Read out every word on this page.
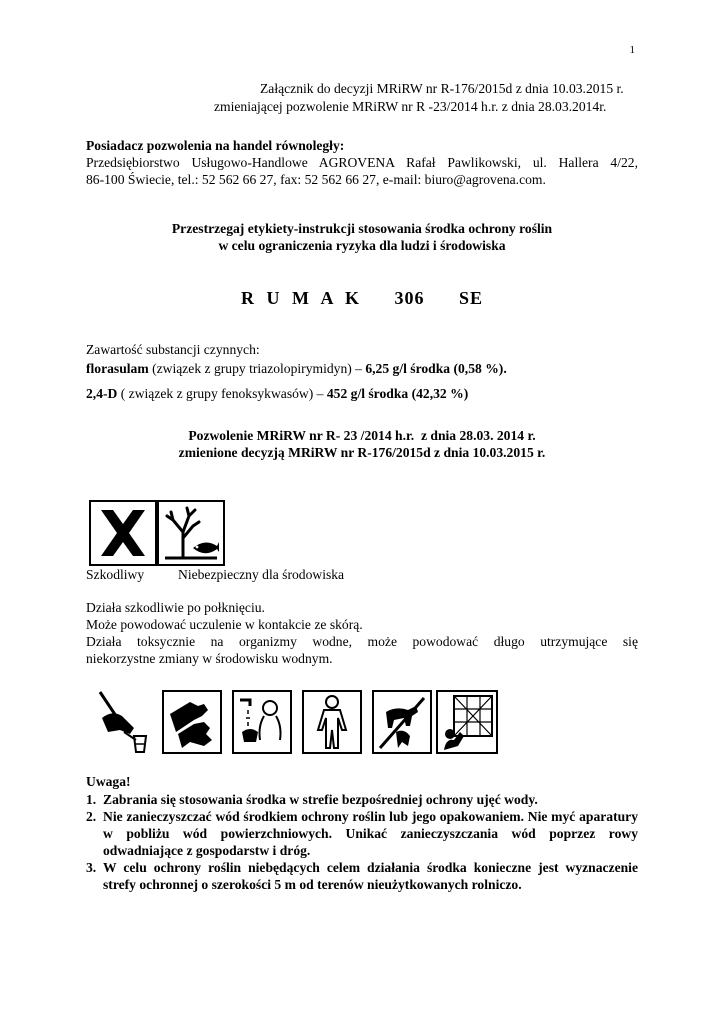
1
Załącznik do decyzji MRiRW nr R-176/2015d z dnia 10.03.2015 r.
zmieniającej pozwolenie MRiRW nr R -23/2014 h.r. z dnia 28.03.2014r.
Posiadacz pozwolenia na handel równoległy:
Przedsiębiorstwo Usługowo-Handlowe AGROVENA Rafał Pawlikowski, ul. Hallera 4/22,
86-100 Świecie, tel.: 52 562 66 27, fax: 52 562 66 27, e-mail: biuro@agrovena.com.
Przestrzegaj etykiety-instrukcji stosowania środka ochrony roślin
w celu ograniczenia ryzyka dla ludzi i środowiska
R U M A K   306   SE
Zawartość substancji czynnych:
florasulam (związek z grupy triazolopirymidyn) – 6,25 g/l środka (0,58 %).
2,4-D ( związek z grupy fenoksykwasów) – 452 g/l środka (42,32 %)
Pozwolenie MRiRW nr R- 23 /2014 h.r.  z dnia 28.03. 2014 r.
zmienione decyzją MRiRW nr R-176/2015d z dnia 10.03.2015 r.
Szkodliwy Niebezpieczny dla środowiska
Działa szkodliwie po połknięciu.
Może powodować uczulenie w kontakcie ze skórą.
Działa toksycznie na organizmy wodne, może powodować długo utrzymujące się
niekorzystne zmiany w środowisku wodnym.
Uwaga!
1. Zabrania się stosowania środka w strefie bezpośredniej ochrony ujęć wody.
2. Nie zanieczyszczać wód środkiem ochrony roślin lub jego opakowaniem. Nie myć aparatury w pobliżu wód powierzchniowych. Unikać zanieczyszczania wód poprzez rowy odwadniające z gospodarstw i dróg.
3. W celu ochrony roślin niebędących celem działania środka konieczne jest wyznaczenie strefy ochronnej o szerokości 5 m od terenów nieużytkowanych rolniczo.
